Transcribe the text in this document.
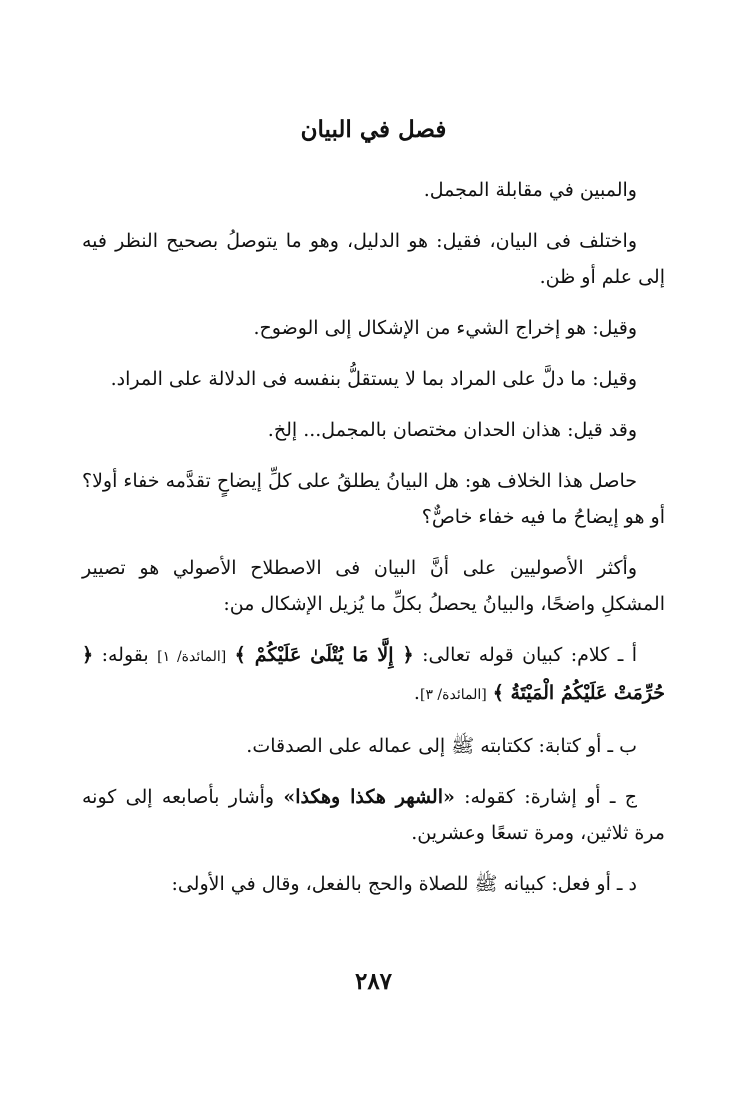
فصل في البيان

والمبين في مقابلة المجمل.

واختلف فى البيان، فقيل: هو الدليل، وهو ما يتوصلُ بصحيح النظر فيه إلى علم أو ظن.

وقيل: هو إخراج الشيء من الإشكال إلى الوضوح.

وقيل: ما دلَّ على المراد بما لا يستقلُّ بنفسه فى الدلالة على المراد.

وقد قيل: هذان الحدان مختصان بالمجمل... إلخ.

حاصل هذا الخلاف هو: هل البيانُ يطلقُ على كلِّ إيضاحٍ تقدَّمه خفاء أولا؟ أو هو إيضاحُ ما فيه خفاء خاصٌّ؟

وأكثر الأصوليين على أنَّ البيان فى الاصطلاح الأصولي هو تصيير المشكلِ واضحًا، والبيانُ يحصلُ بكلِّ ما يُزيل الإشكال من:

أ ـ كلام: كبيان قوله تعالى: ﴿ إِلَّا مَا يُتْلَىٰ عَلَيْكُمْ ﴾ [المائدة/ ١] بقوله: ﴿ حُرِّمَتْ عَلَيْكُمُ الْمَيْتَةُ ﴾ [المائدة/ ٣].

ب ـ أو كتابة: ككتابته ﷺ إلى عماله على الصدقات.

ج ـ أو إشارة: كقوله: «الشهر هكذا وهكذا» وأشار بأصابعه إلى كونه مرة ثلاثين، ومرة تسعًا وعشرين.

د ـ أو فعل: كبيانه ﷺ للصلاة والحج بالفعل، وقال في الأولى:

٢٨٧
